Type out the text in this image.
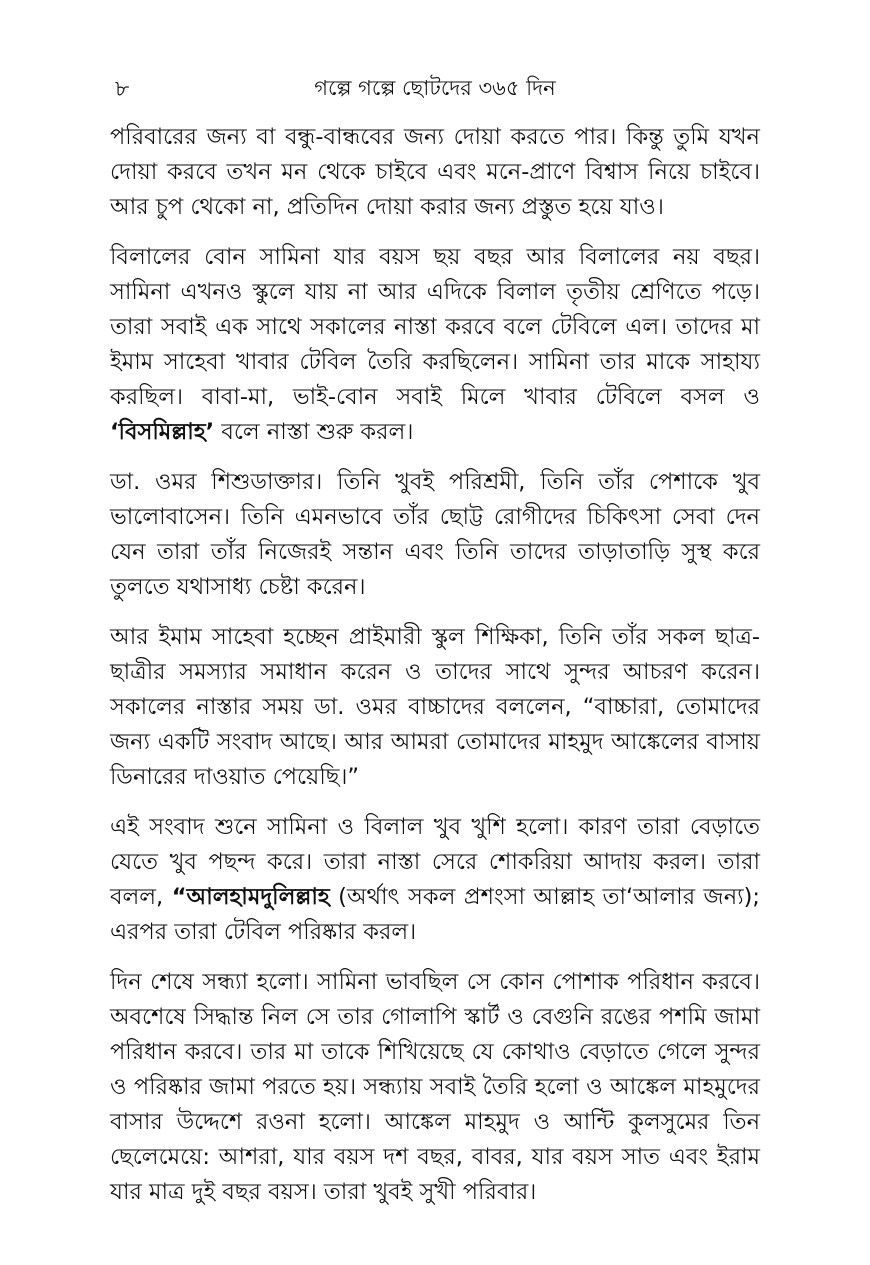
৮	গল্পে গল্পে ছোটদের ৩৬৫ দিন

পরিবারের জন্য বা বন্ধু-বান্ধবের জন্য দোয়া করতে পার। কিন্তু তুমি যখন দোয়া করবে তখন মন থেকে চাইবে এবং মনে-প্রাণে বিশ্বাস নিয়ে চাইবে। আর চুপ থেকো না, প্রতিদিন দোয়া করার জন্য প্রস্তুত হয়ে যাও।

বিলালের বোন সামিনা যার বয়স ছয় বছর আর বিলালের নয় বছর। সামিনা এখনও স্কুলে যায় না আর এদিকে বিলাল তৃতীয় শ্রেণিতে পড়ে। তারা সবাই এক সাথে সকালের নাস্তা করবে বলে টেবিলে এল। তাদের মা ইমাম সাহেবা খাবার টেবিল তৈরি করছিলেন। সামিনা তার মাকে সাহায্য করছিল। বাবা-মা, ভাই-বোন সবাই মিলে খাবার টেবিলে বসল ও ‘বিসমিল্লাহ’ বলে নাস্তা শুরু করল।

ডা. ওমর শিশুডাক্তার। তিনি খুবই পরিশ্রমী, তিনি তাঁর পেশাকে খুব ভালোবাসেন। তিনি এমনভাবে তাঁর ছোট্ট রোগীদের চিকিৎসা সেবা দেন যেন তারা তাঁর নিজেরই সন্তান এবং তিনি তাদের তাড়াতাড়ি সুস্থ করে তুলতে যথাসাধ্য চেষ্টা করেন।

আর ইমাম সাহেবা হচ্ছেন প্রাইমারী স্কুল শিক্ষিকা, তিনি তাঁর সকল ছাত্র-ছাত্রীর সমস্যার সমাধান করেন ও তাদের সাথে সুন্দর আচরণ করেন। সকালের নাস্তার সময় ডা. ওমর বাচ্চাদের বললেন, “বাচ্চারা, তোমাদের জন্য একটি সংবাদ আছে। আর আমরা তোমাদের মাহমুদ আঙ্কেলের বাসায় ডিনারের দাওয়াত পেয়েছি।”

এই সংবাদ শুনে সামিনা ও বিলাল খুব খুশি হলো। কারণ তারা বেড়াতে যেতে খুব পছন্দ করে। তারা নাস্তা সেরে শোকরিয়া আদায় করল। তারা বলল, “আলহামদুলিল্লাহ (অর্থাৎ সকল প্রশংসা আল্লাহ তা‘আলার জন্য); এরপর তারা টেবিল পরিষ্কার করল।

দিন শেষে সন্ধ্যা হলো। সামিনা ভাবছিল সে কোন পোশাক পরিধান করবে। অবশেষে সিদ্ধান্ত নিল সে তার গোলাপি স্কার্ট ও বেগুনি রঙের পশমি জামা পরিধান করবে। তার মা তাকে শিখিয়েছে যে কোথাও বেড়াতে গেলে সুন্দর ও পরিষ্কার জামা পরতে হয়। সন্ধ্যায় সবাই তৈরি হলো ও আঙ্কেল মাহমুদের বাসার উদ্দেশে রওনা হলো। আঙ্কেল মাহমুদ ও আন্টি কুলসুমের তিন ছেলেমেয়ে: আশরা, যার বয়স দশ বছর, বাবর, যার বয়স সাত এবং ইরাম যার মাত্র দুই বছর বয়স। তারা খুবই সুখী পরিবার।
